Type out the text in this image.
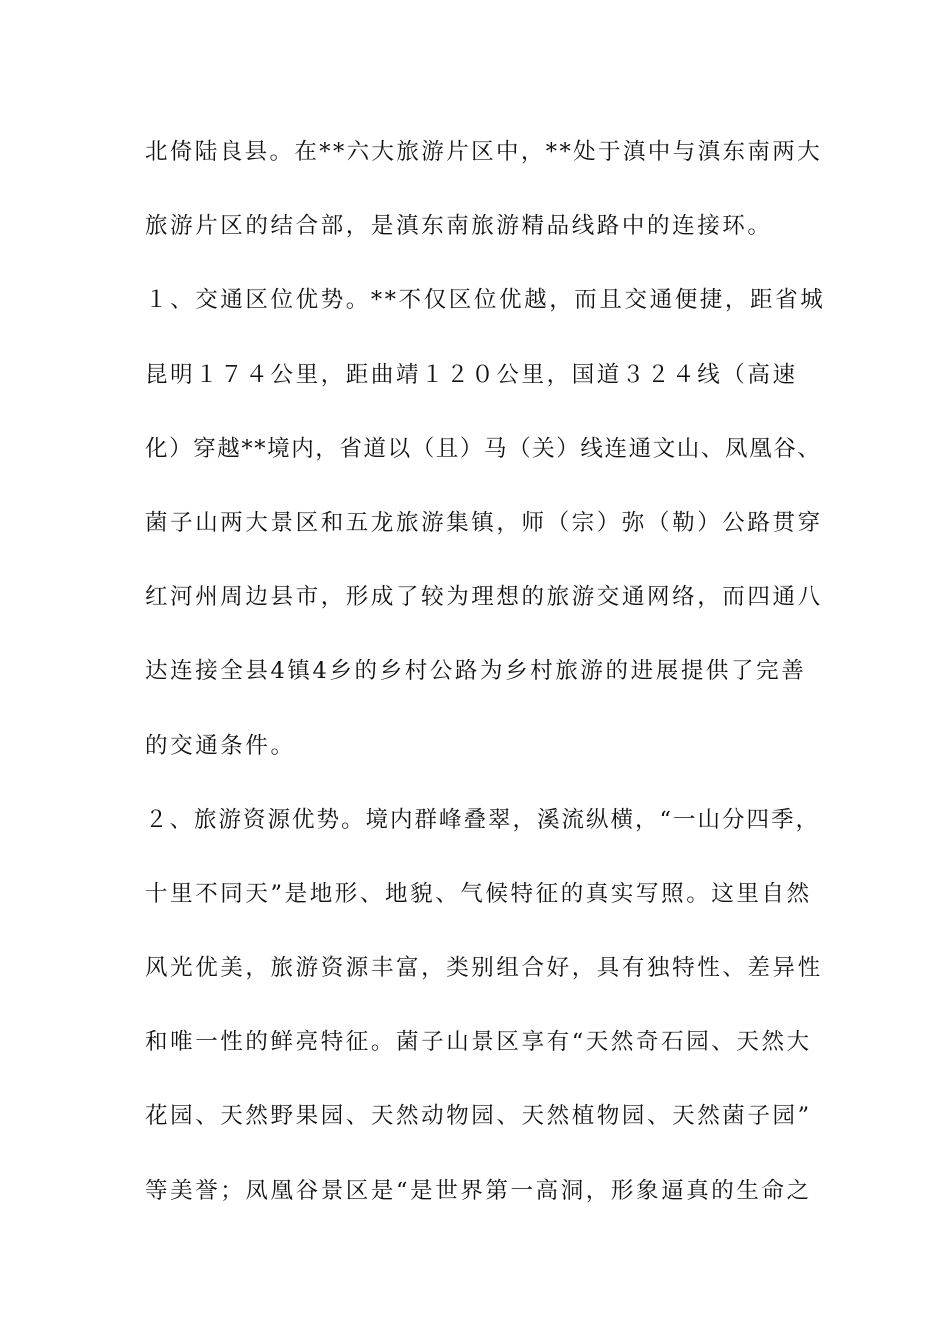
北倚陆良县。在**六大旅游片区中，**处于滇中与滇东南两大
旅游片区的结合部，是滇东南旅游精品线路中的连接环。
１、交通区位优势。**不仅区位优越，而且交通便捷，距省城
昆明１７４公里，距曲靖１２０公里，国道３２４线（高速
化）穿越**境内，省道以（且）马（关）线连通文山、凤凰谷、
菌子山两大景区和五龙旅游集镇，师（宗）弥（勒）公路贯穿
红河州周边县市，形成了较为理想的旅游交通网络，而四通八
达连接全县4镇4乡的乡村公路为乡村旅游的进展提供了完善
的交通条件。
２、旅游资源优势。境内群峰叠翠，溪流纵横，“一山分四季，
十里不同天”是地形、地貌、气候特征的真实写照。这里自然
风光优美，旅游资源丰富，类别组合好，具有独特性、差异性
和唯一性的鲜亮特征。菌子山景区享有“天然奇石园、天然大
花园、天然野果园、天然动物园、天然植物园、天然菌子园”
等美誉；凤凰谷景区是“是世界第一高洞，形象逼真的生命之
